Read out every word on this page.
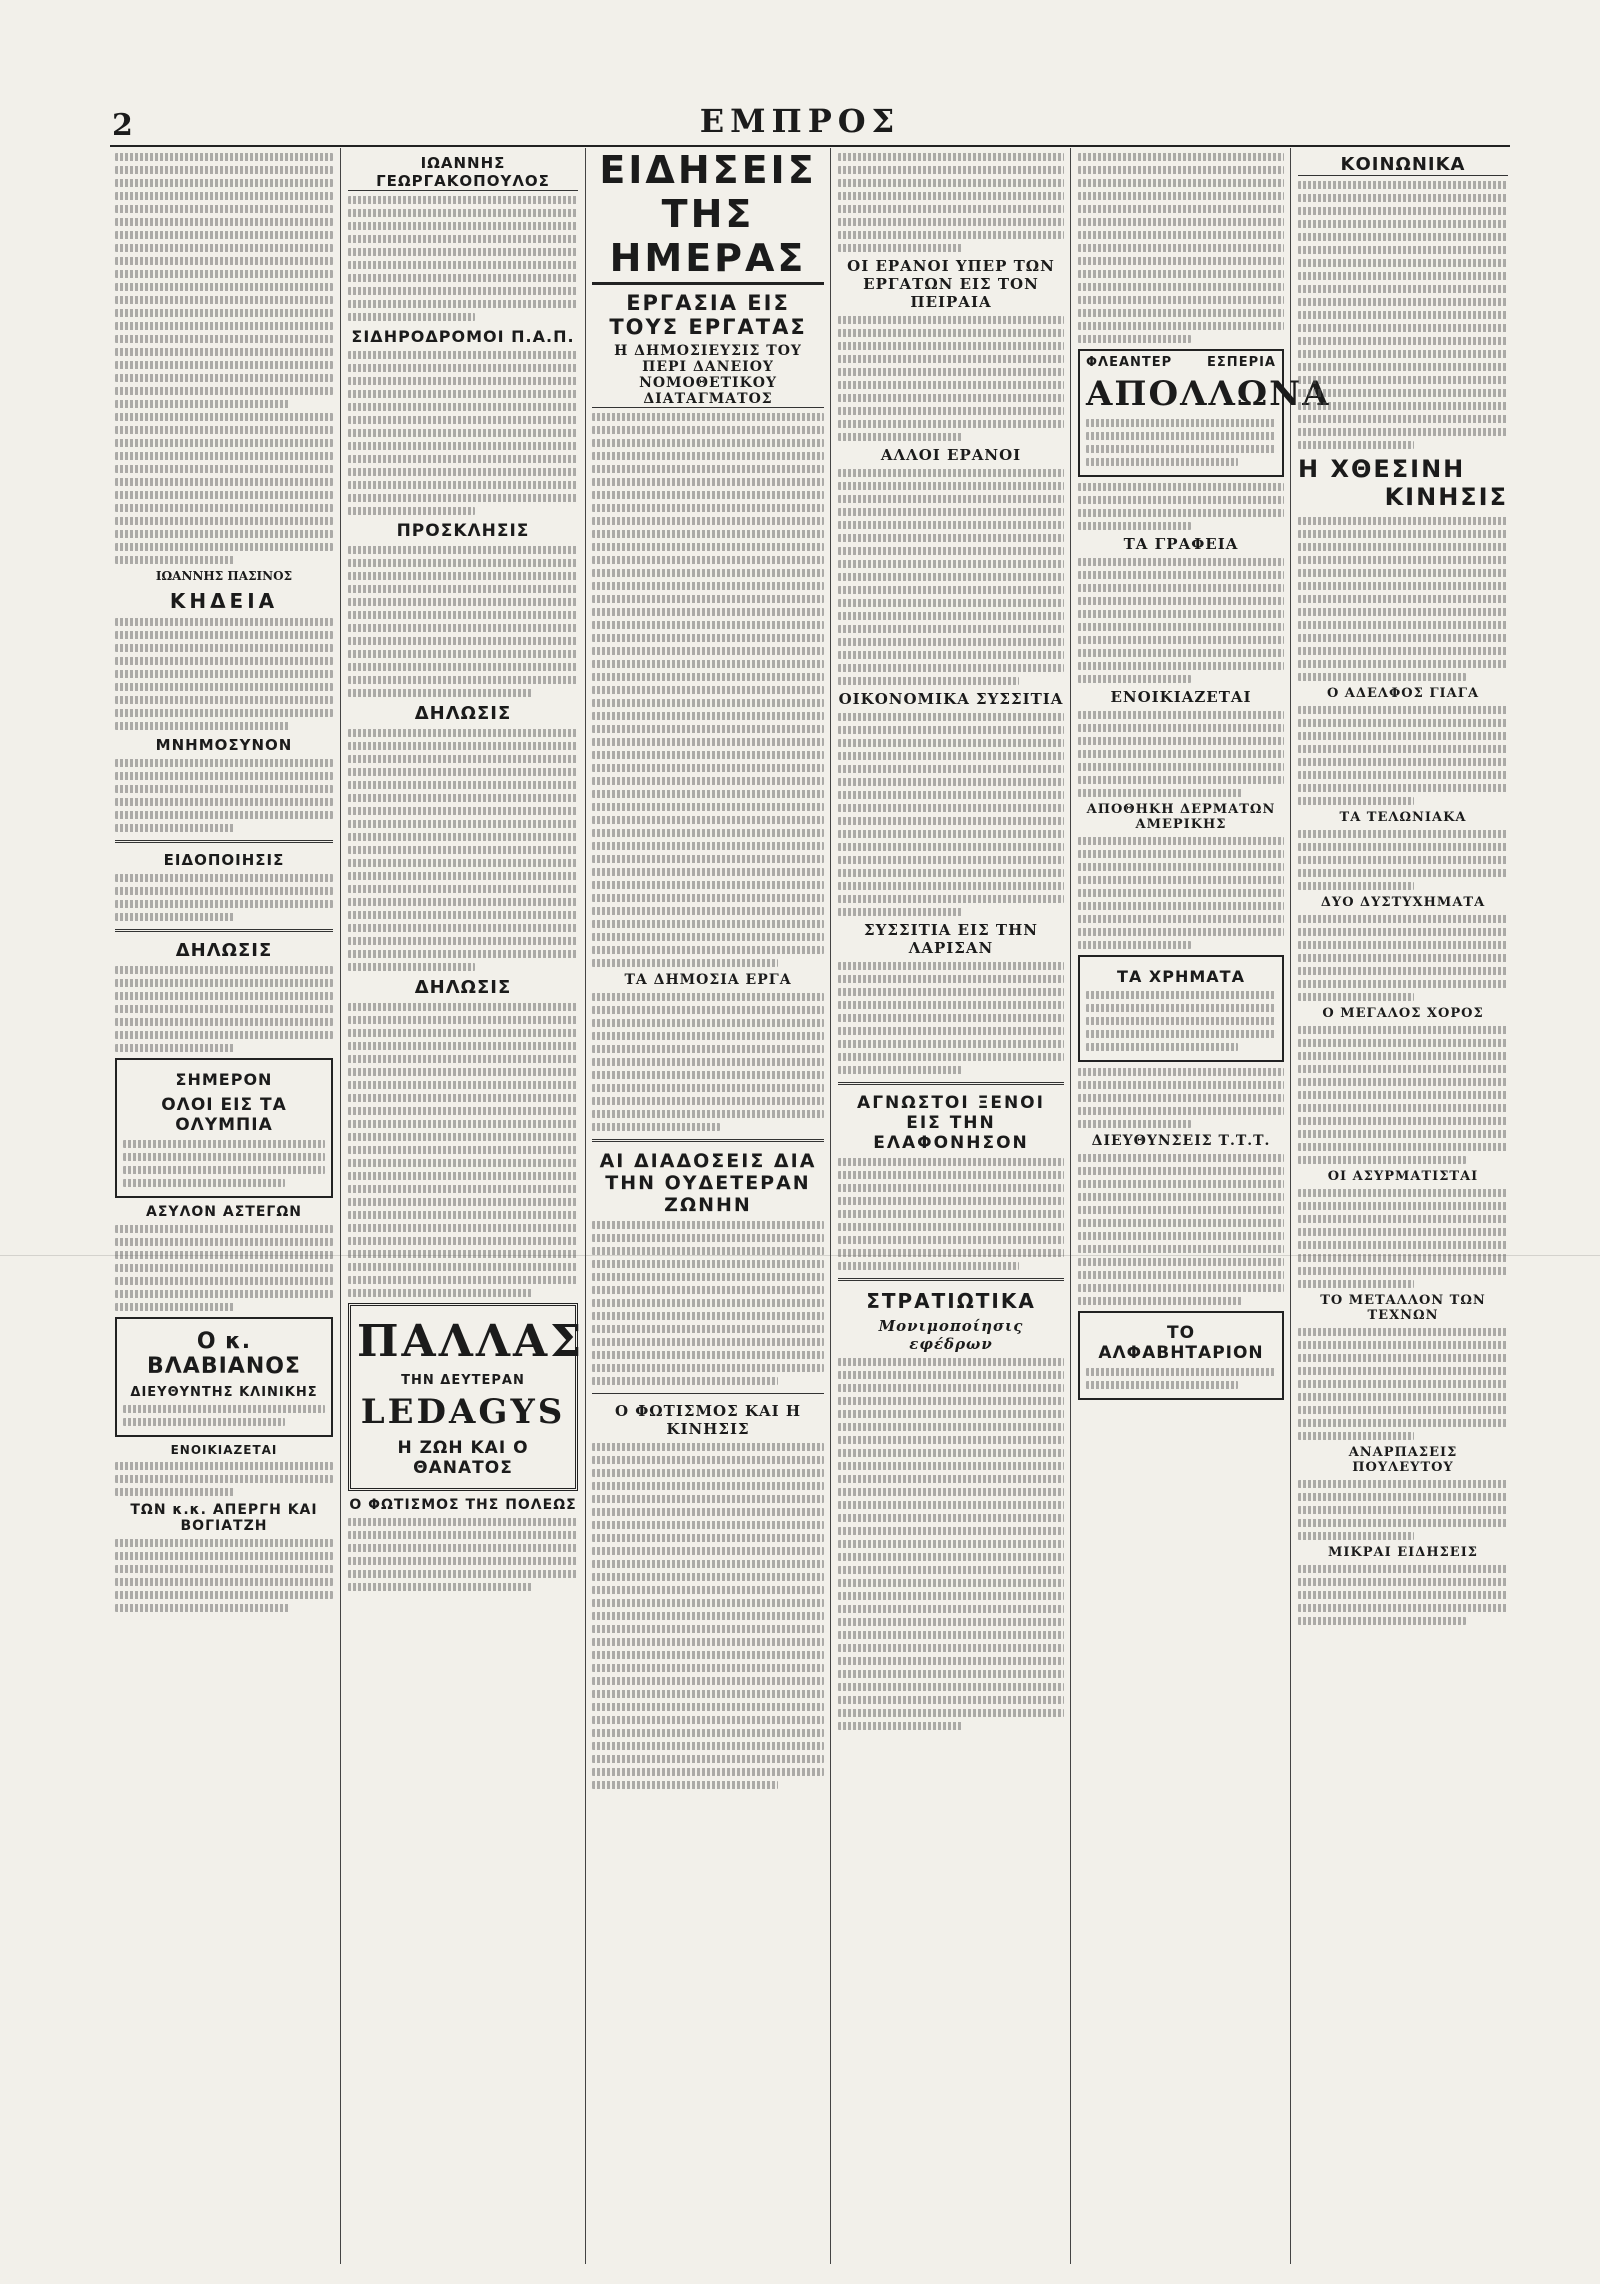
ΕΜΠΡΟΣ
2
ΙΩΑΝΝΗΣ ΠΑΣΙΝΟΣ
ΚΗΔΕΙΑ
ΜΝΗΜΟΣΥΝΟΝ
ΕΙΔΟΠΟΙΗΣΙΣ
ΔΗΛΩΣΙΣ
ΣΗΜΕΡΟΝ
ΟΛΟΙ ΕΙΣ ΤΑ ΟΛΥΜΠΙΑ
ΑΣΥΛΟΝ ΑΣΤΕΓΩΝ
Ο κ. ΒΛΑΒΙΑΝΟΣ
ΔΙΕΥΘΥΝΤΗΣ ΚΛΙΝΙΚΗΣ
ΕΝΟΙΚΙΑΖΕΤΑΙ
ΤΩΝ κ.κ. ΑΠΕΡΓΗ ΚΑΙ ΒΟΓΙΑΤΖΗ
ΙΩΑΝΝΗΣ ΓΕΩΡΓΑΚΟΠΟΥΛΟΣ
ΣΙΔΗΡΟΔΡΟΜΟΙ Π.Α.Π.
ΠΡΟΣΚΛΗΣΙΣ
ΔΗΛΩΣΙΣ
ΔΗΛΩΣΙΣ
ΠΑΛΛΑΣ
ΤΗΝ ΔΕΥΤΕΡΑΝ
LEDAGYS
Η ΖΩΗ ΚΑΙ Ο ΘΑΝΑΤΟΣ
Ο ΦΩΤΙΣΜΟΣ ΤΗΣ ΠΟΛΕΩΣ
ΕΙΔΗΣΕΙΣ ΤΗΣ ΗΜΕΡΑΣ
ΕΡΓΑΣΙΑ ΕΙΣ ΤΟΥΣ ΕΡΓΑΤΑΣ
Η ΔΗΜΟΣΙΕΥΣΙΣ ΤΟΥ ΠΕΡΙ ΔΑΝΕΙΟΥ ΝΟΜΟΘΕΤΙΚΟΥ ΔΙΑΤΑΓΜΑΤΟΣ
ΤΑ ΔΗΜΟΣΙΑ ΕΡΓΑ
ΑΙ ΔΙΑΔΟΣΕΙΣ ΔΙΑ ΤΗΝ ΟΥΔΕΤΕΡΑΝ ΖΩΝΗΝ
Ο ΦΩΤΙΣΜΟΣ ΚΑΙ Η ΚΙΝΗΣΙΣ
ΟΙ ΕΡΑΝΟΙ ΥΠΕΡ ΤΩΝ ΕΡΓΑΤΩΝ ΕΙΣ ΤΟΝ ΠΕΙΡΑΙΑ
ΑΛΛΟΙ ΕΡΑΝΟΙ
ΟΙΚΟΝΟΜΙΚΑ ΣΥΣΣΙΤΙΑ
ΣΥΣΣΙΤΙΑ ΕΙΣ ΤΗΝ ΛΑΡΙΣΑΝ
ΑΓΝΩΣΤΟΙ ΞΕΝΟΙ ΕΙΣ ΤΗΝ ΕΛΑΦΟΝΗΣΟΝ
ΣΤΡΑΤΙΩΤΙΚΑ
Μονιμοποίησις εφέδρων
ΦΛΕΑΝΤΕΡ	ΕΣΠΕΡΙΑ
ΑΠΟΛΛΩΝΑ
ΤΑ ΓΡΑΦΕΙΑ
ΕΝΟΙΚΙΑΖΕΤΑΙ
ΑΠΟΘΗΚΗ ΔΕΡΜΑΤΩΝ ΑΜΕΡΙΚΗΣ
ΤΑ ΧΡΗΜΑΤΑ
ΔΙΕΥΘΥΝΣΕΙΣ Τ.Τ.Τ.
ΤΟ ΑΛΦΑΒΗΤΑΡΙΟΝ
ΚΟΙΝΩΝΙΚΑ
Η ΧΘΕΣΙΝΗ
ΚΙΝΗΣΙΣ
Ο ΑΔΕΛΦΟΣ ΓΙΑΓΑ
ΤΑ ΤΕΛΩΝΙΑΚΑ
ΔΥΟ ΔΥΣΤΥΧΗΜΑΤΑ
Ο ΜΕΓΑΛΟΣ ΧΟΡΟΣ
ΟΙ ΑΣΥΡΜΑΤΙΣΤΑΙ
ΤΟ ΜΕΤΑΛΛΟΝ ΤΩΝ ΤΕΧΝΩΝ
ΑΝΑΡΠΑΣΕΙΣ ΠΟΥΛΕΥΤΟΥ
ΜΙΚΡΑΙ ΕΙΔΗΣΕΙΣ
